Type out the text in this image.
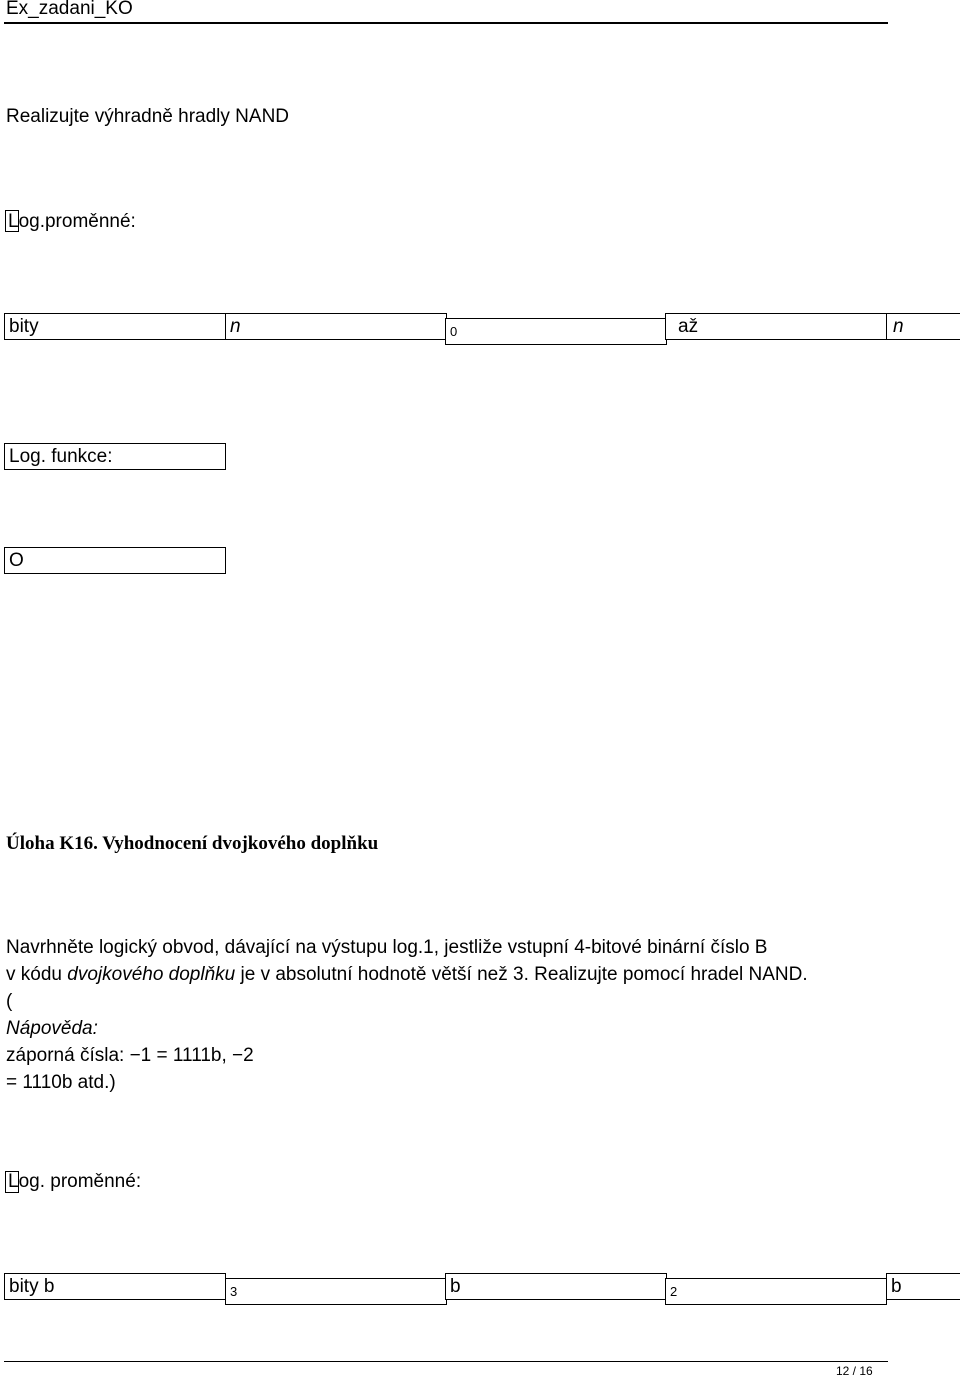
Ex_zadani_KO
Realizujte výhradně hradly NAND
Log.proměnné:
bity	n	0	až	n
Log. funkce:
O
Úloha K16. Vyhodnocení dvojkového doplňku
Navrhněte logický obvod, dávající na výstupu log.1, jestliže vstupní 4-bitové binární číslo B
v kódu dvojkového doplňku je v absolutní hodnotě větší než 3. Realizujte pomocí hradel NAND.
(
Nápověda:
záporná čísla: −1 = 1111b, −2
= 1110b atd.)
Log. proměnné:
bity b	3	b	2	b
12 / 16
